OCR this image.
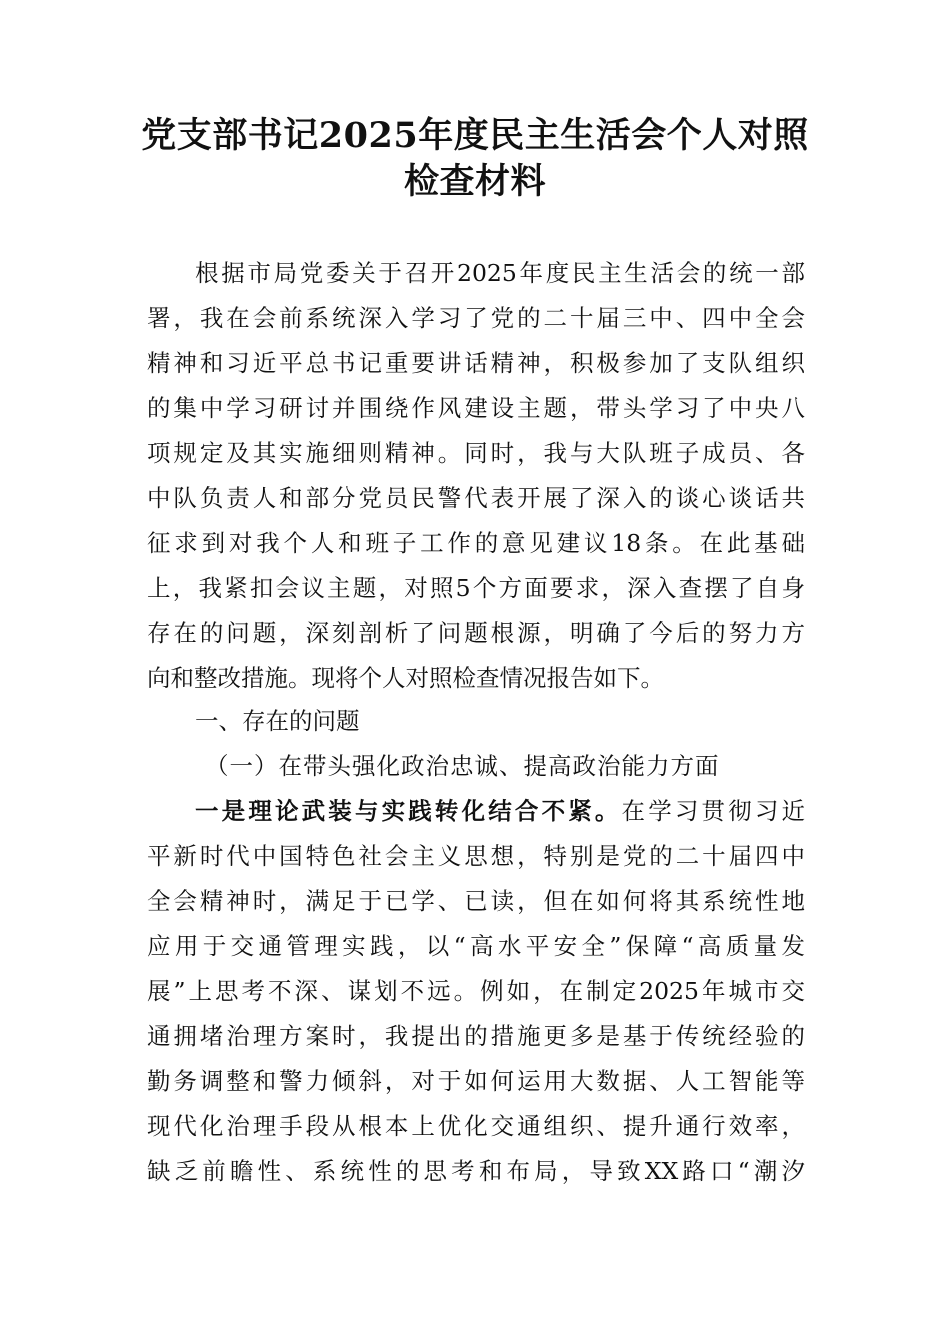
党支部书记2025年度民主生活会个人对照
检查材料
根据市局党委关于召开2025年度民主生活会的统一部
署，我在会前系统深入学习了党的二十届三中、四中全会
精神和习近平总书记重要讲话精神，积极参加了支队组织
的集中学习研讨并围绕作风建设主题，带头学习了中央八
项规定及其实施细则精神。同时，我与大队班子成员、各
中队负责人和部分党员民警代表开展了深入的谈心谈话共
征求到对我个人和班子工作的意见建议18条。在此基础
上，我紧扣会议主题，对照5个方面要求，深入查摆了自身
存在的问题，深刻剖析了问题根源，明确了今后的努力方
向和整改措施。现将个人对照检查情况报告如下。
一、存在的问题
（一）在带头强化政治忠诚、提高政治能力方面
一是理论武装与实践转化结合不紧。在学习贯彻习近
平新时代中国特色社会主义思想，特别是党的二十届四中
全会精神时，满足于已学、已读，但在如何将其系统性地
应用于交通管理实践，以“高水平安全”保障“高质量发
展”上思考不深、谋划不远。例如，在制定2025年城市交
通拥堵治理方案时，我提出的措施更多是基于传统经验的
勤务调整和警力倾斜，对于如何运用大数据、人工智能等
现代化治理手段从根本上优化交通组织、提升通行效率，
缺乏前瞻性、系统性的思考和布局，导致XX路口“潮汐
